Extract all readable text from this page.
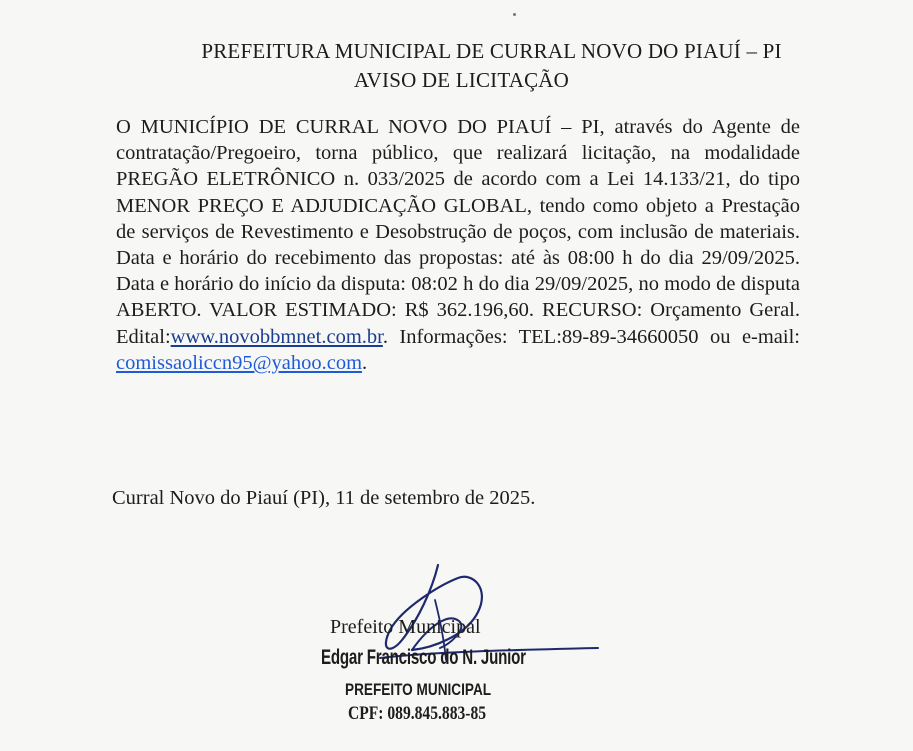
PREFEITURA MUNICIPAL DE CURRAL NOVO DO PIAUÍ – PI
AVISO DE LICITAÇÃO
O MUNICÍPIO DE CURRAL NOVO DO PIAUÍ – PI, através do Agente de contratação/Pregoeiro, torna público, que realizará licitação, na modalidade PREGÃO ELETRÔNICO n. 033/2025 de acordo com a Lei 14.133/21, do tipo MENOR PREÇO E ADJUDICAÇÃO GLOBAL, tendo como objeto a Prestação de serviços de Revestimento e Desobstrução de poços, com inclusão de materiais. Data e horário do recebimento das propostas: até às 08:00 h do dia 29/09/2025. Data e horário do início da disputa: 08:02 h do dia 29/09/2025, no modo de disputa ABERTO. VALOR ESTIMADO: R$ 362.196,60. RECURSO: Orçamento Geral. Edital:www.novobbmnet.com.br. Informações: TEL:89-89-34660050 ou e-mail: comissaoliccn95@yahoo.com.
Curral Novo do Piauí (PI), 11 de setembro de 2025.
Prefeito Municipal
Edgar Francisco do N. Junior
PREFEITO MUNICIPAL
CPF: 089.845.883-85
